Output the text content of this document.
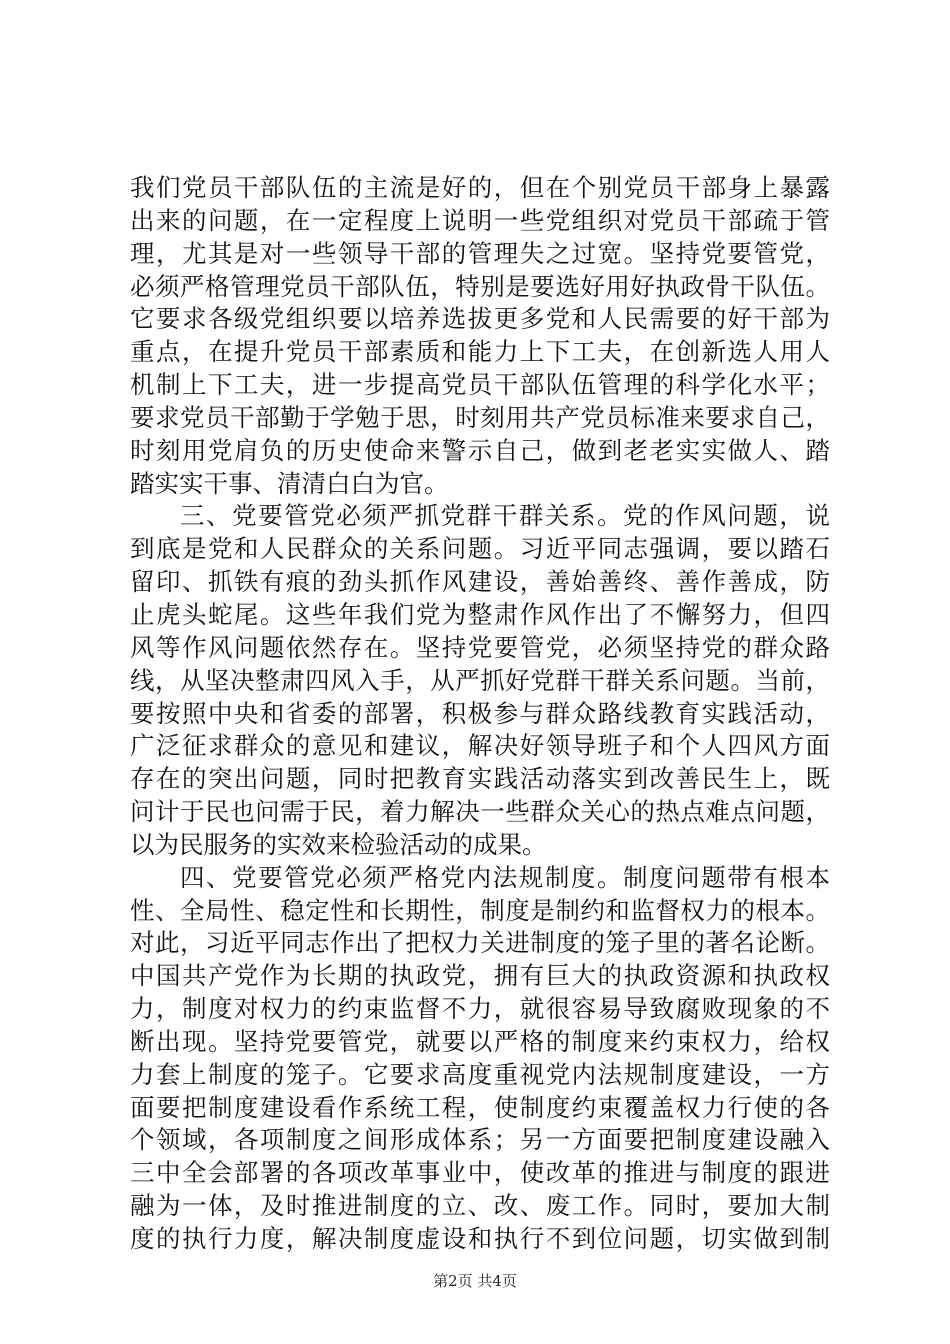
我们党员干部队伍的主流是好的，但在个别党员干部身上暴露
出来的问题，在一定程度上说明一些党组织对党员干部疏于管
理，尤其是对一些领导干部的管理失之过宽。坚持党要管党，
必须严格管理党员干部队伍，特别是要选好用好执政骨干队伍。
它要求各级党组织要以培养选拔更多党和人民需要的好干部为
重点，在提升党员干部素质和能力上下工夫，在创新选人用人
机制上下工夫，进一步提高党员干部队伍管理的科学化水平；
要求党员干部勤于学勉于思，时刻用共产党员标准来要求自己，
时刻用党肩负的历史使命来警示自己，做到老老实实做人、踏
踏实实干事、清清白白为官。
三、党要管党必须严抓党群干群关系。党的作风问题，说
到底是党和人民群众的关系问题。习近平同志强调，要以踏石
留印、抓铁有痕的劲头抓作风建设，善始善终、善作善成，防
止虎头蛇尾。这些年我们党为整肃作风作出了不懈努力，但四
风等作风问题依然存在。坚持党要管党，必须坚持党的群众路
线，从坚决整肃四风入手，从严抓好党群干群关系问题。当前，
要按照中央和省委的部署，积极参与群众路线教育实践活动，
广泛征求群众的意见和建议，解决好领导班子和个人四风方面
存在的突出问题，同时把教育实践活动落实到改善民生上，既
问计于民也问需于民，着力解决一些群众关心的热点难点问题，
以为民服务的实效来检验活动的成果。
四、党要管党必须严格党内法规制度。制度问题带有根本
性、全局性、稳定性和长期性，制度是制约和监督权力的根本。
对此，习近平同志作出了把权力关进制度的笼子里的著名论断。
中国共产党作为长期的执政党，拥有巨大的执政资源和执政权
力，制度对权力的约束监督不力，就很容易导致腐败现象的不
断出现。坚持党要管党，就要以严格的制度来约束权力，给权
力套上制度的笼子。它要求高度重视党内法规制度建设，一方
面要把制度建设看作系统工程，使制度约束覆盖权力行使的各
个领域，各项制度之间形成体系；另一方面要把制度建设融入
三中全会部署的各项改革事业中，使改革的推进与制度的跟进
融为一体，及时推进制度的立、改、废工作。同时，要加大制
度的执行力度，解决制度虚设和执行不到位问题，切实做到制
第2页 共4页
